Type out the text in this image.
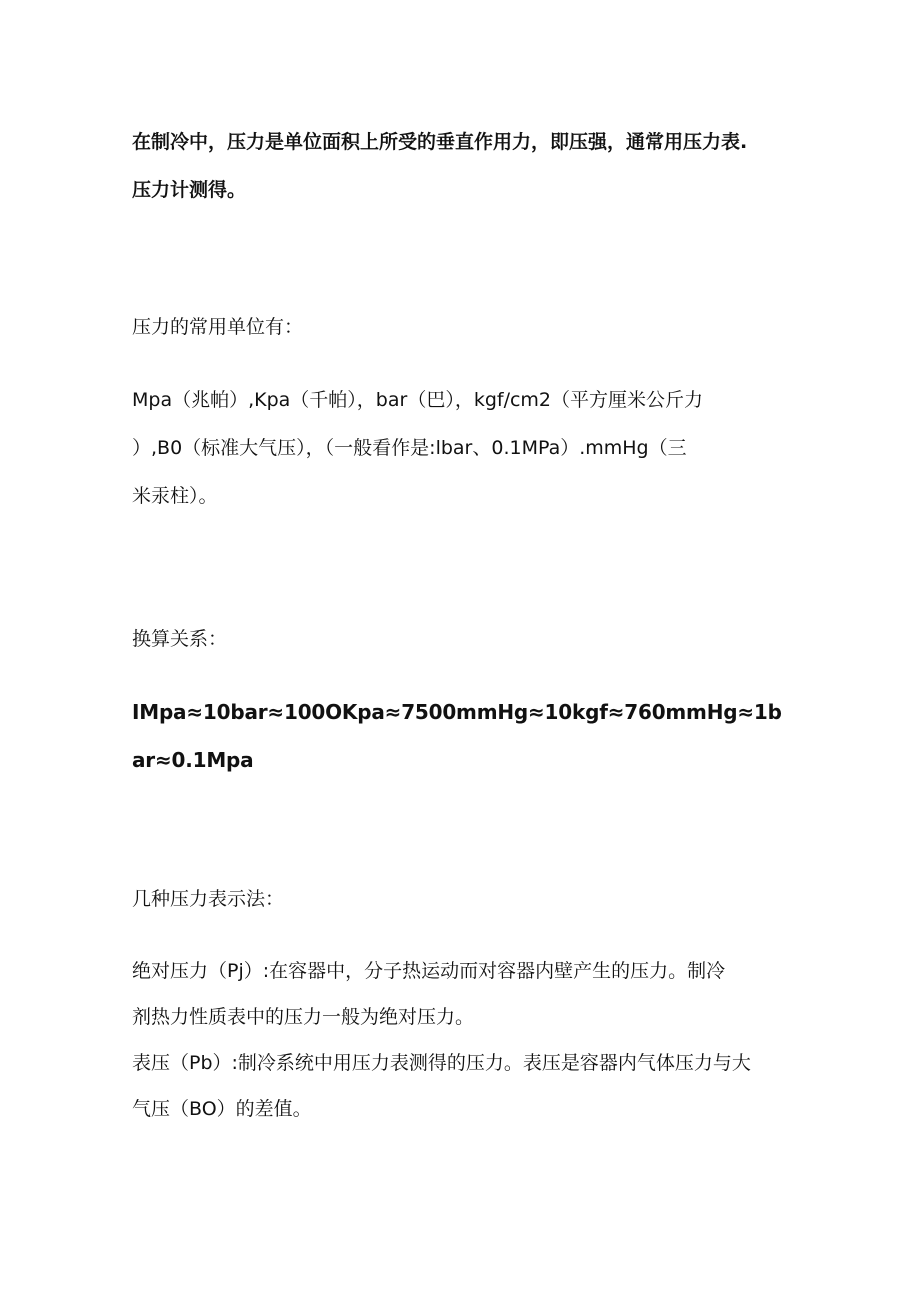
在制冷中，压力是单位面积上所受的垂直作用力，即压强，通常用压力表.
压力计测得。

压力的常用单位有：

Mpa（兆帕）,Kpa（千帕），bar（巴），kgf/cm2（平方厘米公斤力
）,B0（标准大气压），（一般看作是:lbar、0.1MPa）.mmHg（三
米汞柱）。

换算关系：

IMpa≈10bar≈100OKpa≈7500mmHg≈10kgf≈760mmHg≈1b
ar≈0.1Mpa

几种压力表示法：

绝对压力（Pj）:在容器中，分子热运动而对容器内壁产生的压力。制冷
剂热力性质表中的压力一般为绝对压力。
表压（Pb）:制冷系统中用压力表测得的压力。表压是容器内气体压力与大
气压（BO）的差值。
